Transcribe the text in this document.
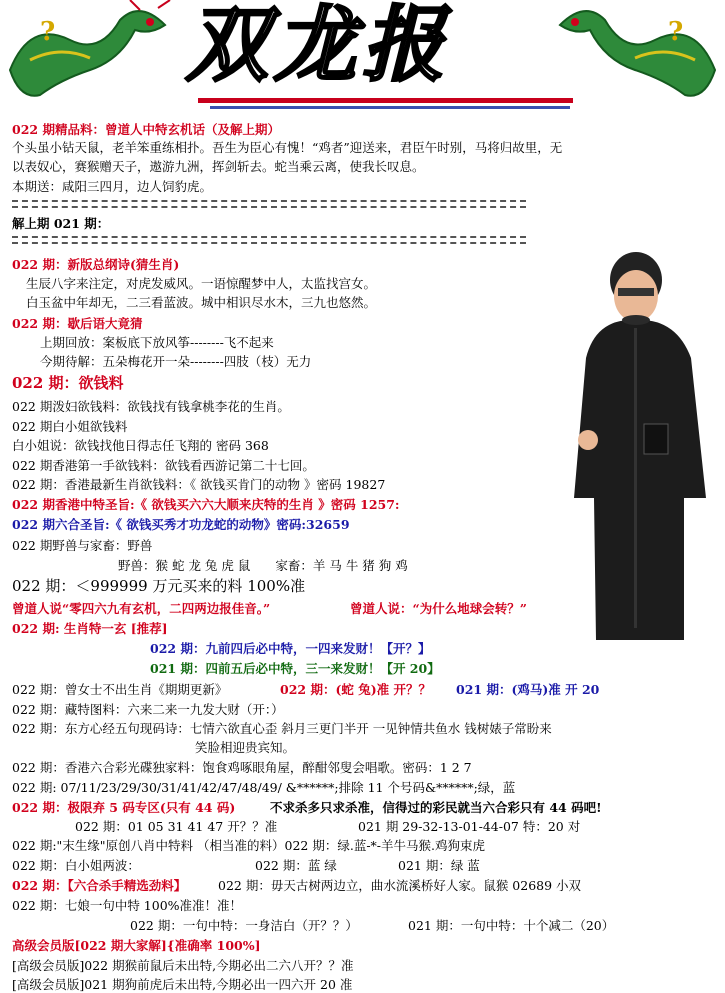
? 双龙报	?
022 期精品料：曾道人中特玄机话（及解上期）
个头虽小钻天鼠，老羊笨重练相扑。吾生为臣心有愧！“鸡者”迎送来，君臣午时别，马将归故里，无
以表奴心，赛猴赠天子，遨游九洲，挥剑斩去。蛇当乘云离，使我长叹息。
本期送：咸阳三四月，边人饲豹虎。
解上期 021 期：
022 期：新版总纲诗(猜生肖)
生辰八字来注定，对虎发威风。一语惊醒梦中人，太监找宫女。
白玉盆中年却无，二三看蓝波。城中相识尽水木，三九也悠然。
022 期：歇后语大竟猜
上期回放：案板底下放风筝--------飞不起来
今期待解：五朵梅花开一朵--------四肢（枝）无力
022 期：欲钱料
022 期泼妇欲钱料：欲钱找有钱拿桃李花的生肖。
022 期白小姐欲钱料
白小姐说：欲钱找他日得志任飞翔的 密码 368
022 期香港第一手欲钱料：欲钱看西游记第二十七回。
022 期：香港最新生肖欲钱料：《 欲钱买肯门的动物 》密码 19827
022 期香港中特圣旨:《 欲钱买六六大顺来庆特的生肖 》密码 1257:
022 期六合圣旨:《 欲钱买秀才功龙蛇的动物》密码:32659
022 期野兽与家畜：野兽
野兽：猴 蛇 龙 兔 虎 鼠　　家畜：羊 马 牛 猪 狗 鸡
022 期：＜999999 万元买来的料 100%准
曾道人说“零四六九有玄机，二四两边报佳音。”	曾道人说：“为什么地球会转？”
022 期: 生肖特一玄 [推荐]
022 期：九前四后必中特，一四来发财！【开？】
021 期：四前五后必中特，三一来发财！【开 20】
022 期：曾女士不出生肖《期期更新》	022 期：(蛇 兔)准 开？？ 021 期：(鸡马)准 开 20
022 期：藏特图料：六来二来一九发大财（开：）
022 期：东方心经五句现码诗：七情六欲直心歪 斜月三更门半开 一见钟情共鱼水 钱树婊子常盼来
笑脸相迎贵宾知。
022 期：香港六合彩光碟独家料：饱食鸡啄眼角屋，醉酣邻叟会唱歌。密码：1 2 7
022 期: 07/11/23/29/30/31/41/42/47/48/49/ &******;排除 11 个号码&******;绿，蓝
022 期：极限弃 5 码专区(只有 44 码)	不求杀多只求杀准，信得过的彩民就当六合彩只有 44 码吧!
022 期：01 05 31 41 47 开？？准	021 期 29-32-13-01-44-07 特：20 对
022 期:"末生缘"原创八肖中特料 （相当准的料）022 期：绿.蓝-*-羊牛马猴.鸡狗束虎
022 期：白小姐两波：	022 期：蓝 绿	021 期：绿 蓝
022 期：【六合杀手精选劲料】	022 期：毋天古树两边立，曲水流溪桥好人家。鼠猴 02689 小双
022 期：七娘一句中特 100%准准！准！
022 期：一句中特：一身洁白（开？？）	021 期：一句中特：十个减二（20）
高级会员版[022 期大家解]{准确率 100%]
[高级会员版]022 期猴前鼠后未出特,今期必出二六八开？？准
[高级会员版]021 期狗前虎后未出特,今期必出一四六开 20 准
